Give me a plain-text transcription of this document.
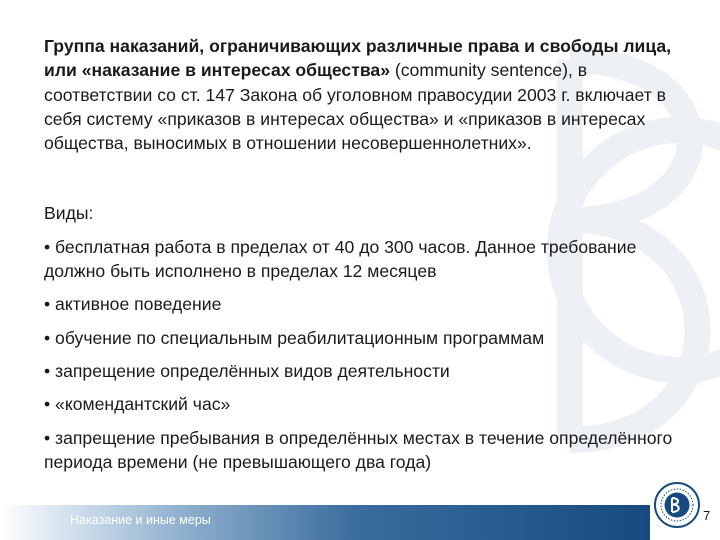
Группа наказаний, ограничивающих различные права и свободы лица, или «наказание в интересах общества» (community sentence), в соответствии со ст. 147 Закона об уголовном правосудии 2003 г. включает в себя систему «приказов в интересах общества» и «приказов в интересах общества, выносимых в отношении несовершеннолетних».

Виды:
• бесплатная работа в пределах от 40 до 300 часов. Данное требование должно быть исполнено в пределах 12 месяцев
• активное поведение
• обучение по специальным реабилитационным программам
• запрещение определённых видов деятельности
• «комендантский час»
• запрещение пребывания в определённых местах в течение определённого периода времени (не превышающего два года)
Наказание и иные меры	7
